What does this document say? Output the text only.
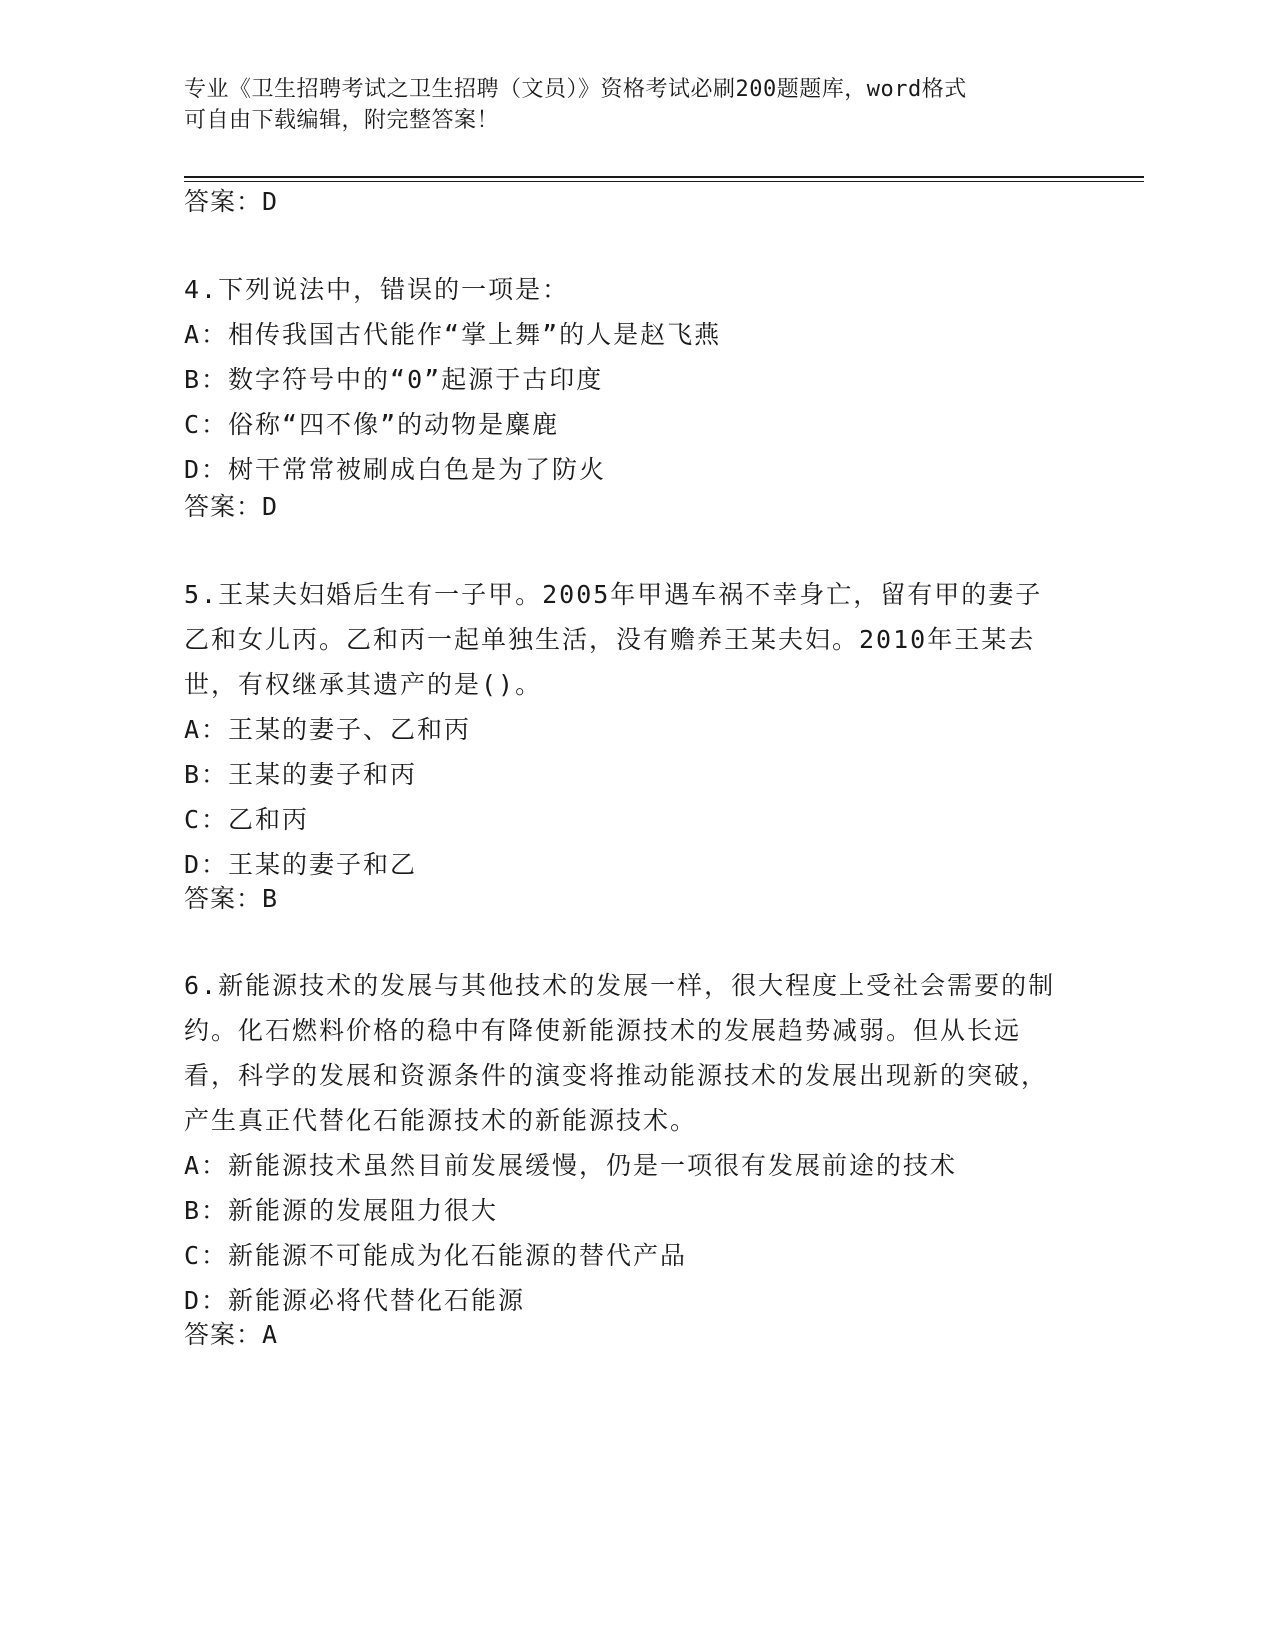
专业《卫生招聘考试之卫生招聘（文员）》资格考试必刷200题题库，word格式
可自由下载编辑，附完整答案！
答案：D
4.下列说法中，错误的一项是：
A：相传我国古代能作“掌上舞”的人是赵飞燕
B：数字符号中的“0”起源于古印度
C：俗称“四不像”的动物是麋鹿
D：树干常常被刷成白色是为了防火
答案：D
5.王某夫妇婚后生有一子甲。2005年甲遇车祸不幸身亡，留有甲的妻子乙和女儿丙。乙和丙一起单独生活，没有赡养王某夫妇。2010年王某去世，有权继承其遗产的是()。
A：王某的妻子、乙和丙
B：王某的妻子和丙
C：乙和丙
D：王某的妻子和乙
答案：B
6.新能源技术的发展与其他技术的发展一样，很大程度上受社会需要的制约。化石燃料价格的稳中有降使新能源技术的发展趋势减弱。但从长远看，科学的发展和资源条件的演变将推动能源技术的发展出现新的突破，产生真正代替化石能源技术的新能源技术。
A：新能源技术虽然目前发展缓慢，仍是一项很有发展前途的技术
B：新能源的发展阻力很大
C：新能源不可能成为化石能源的替代产品
D：新能源必将代替化石能源
答案：A
